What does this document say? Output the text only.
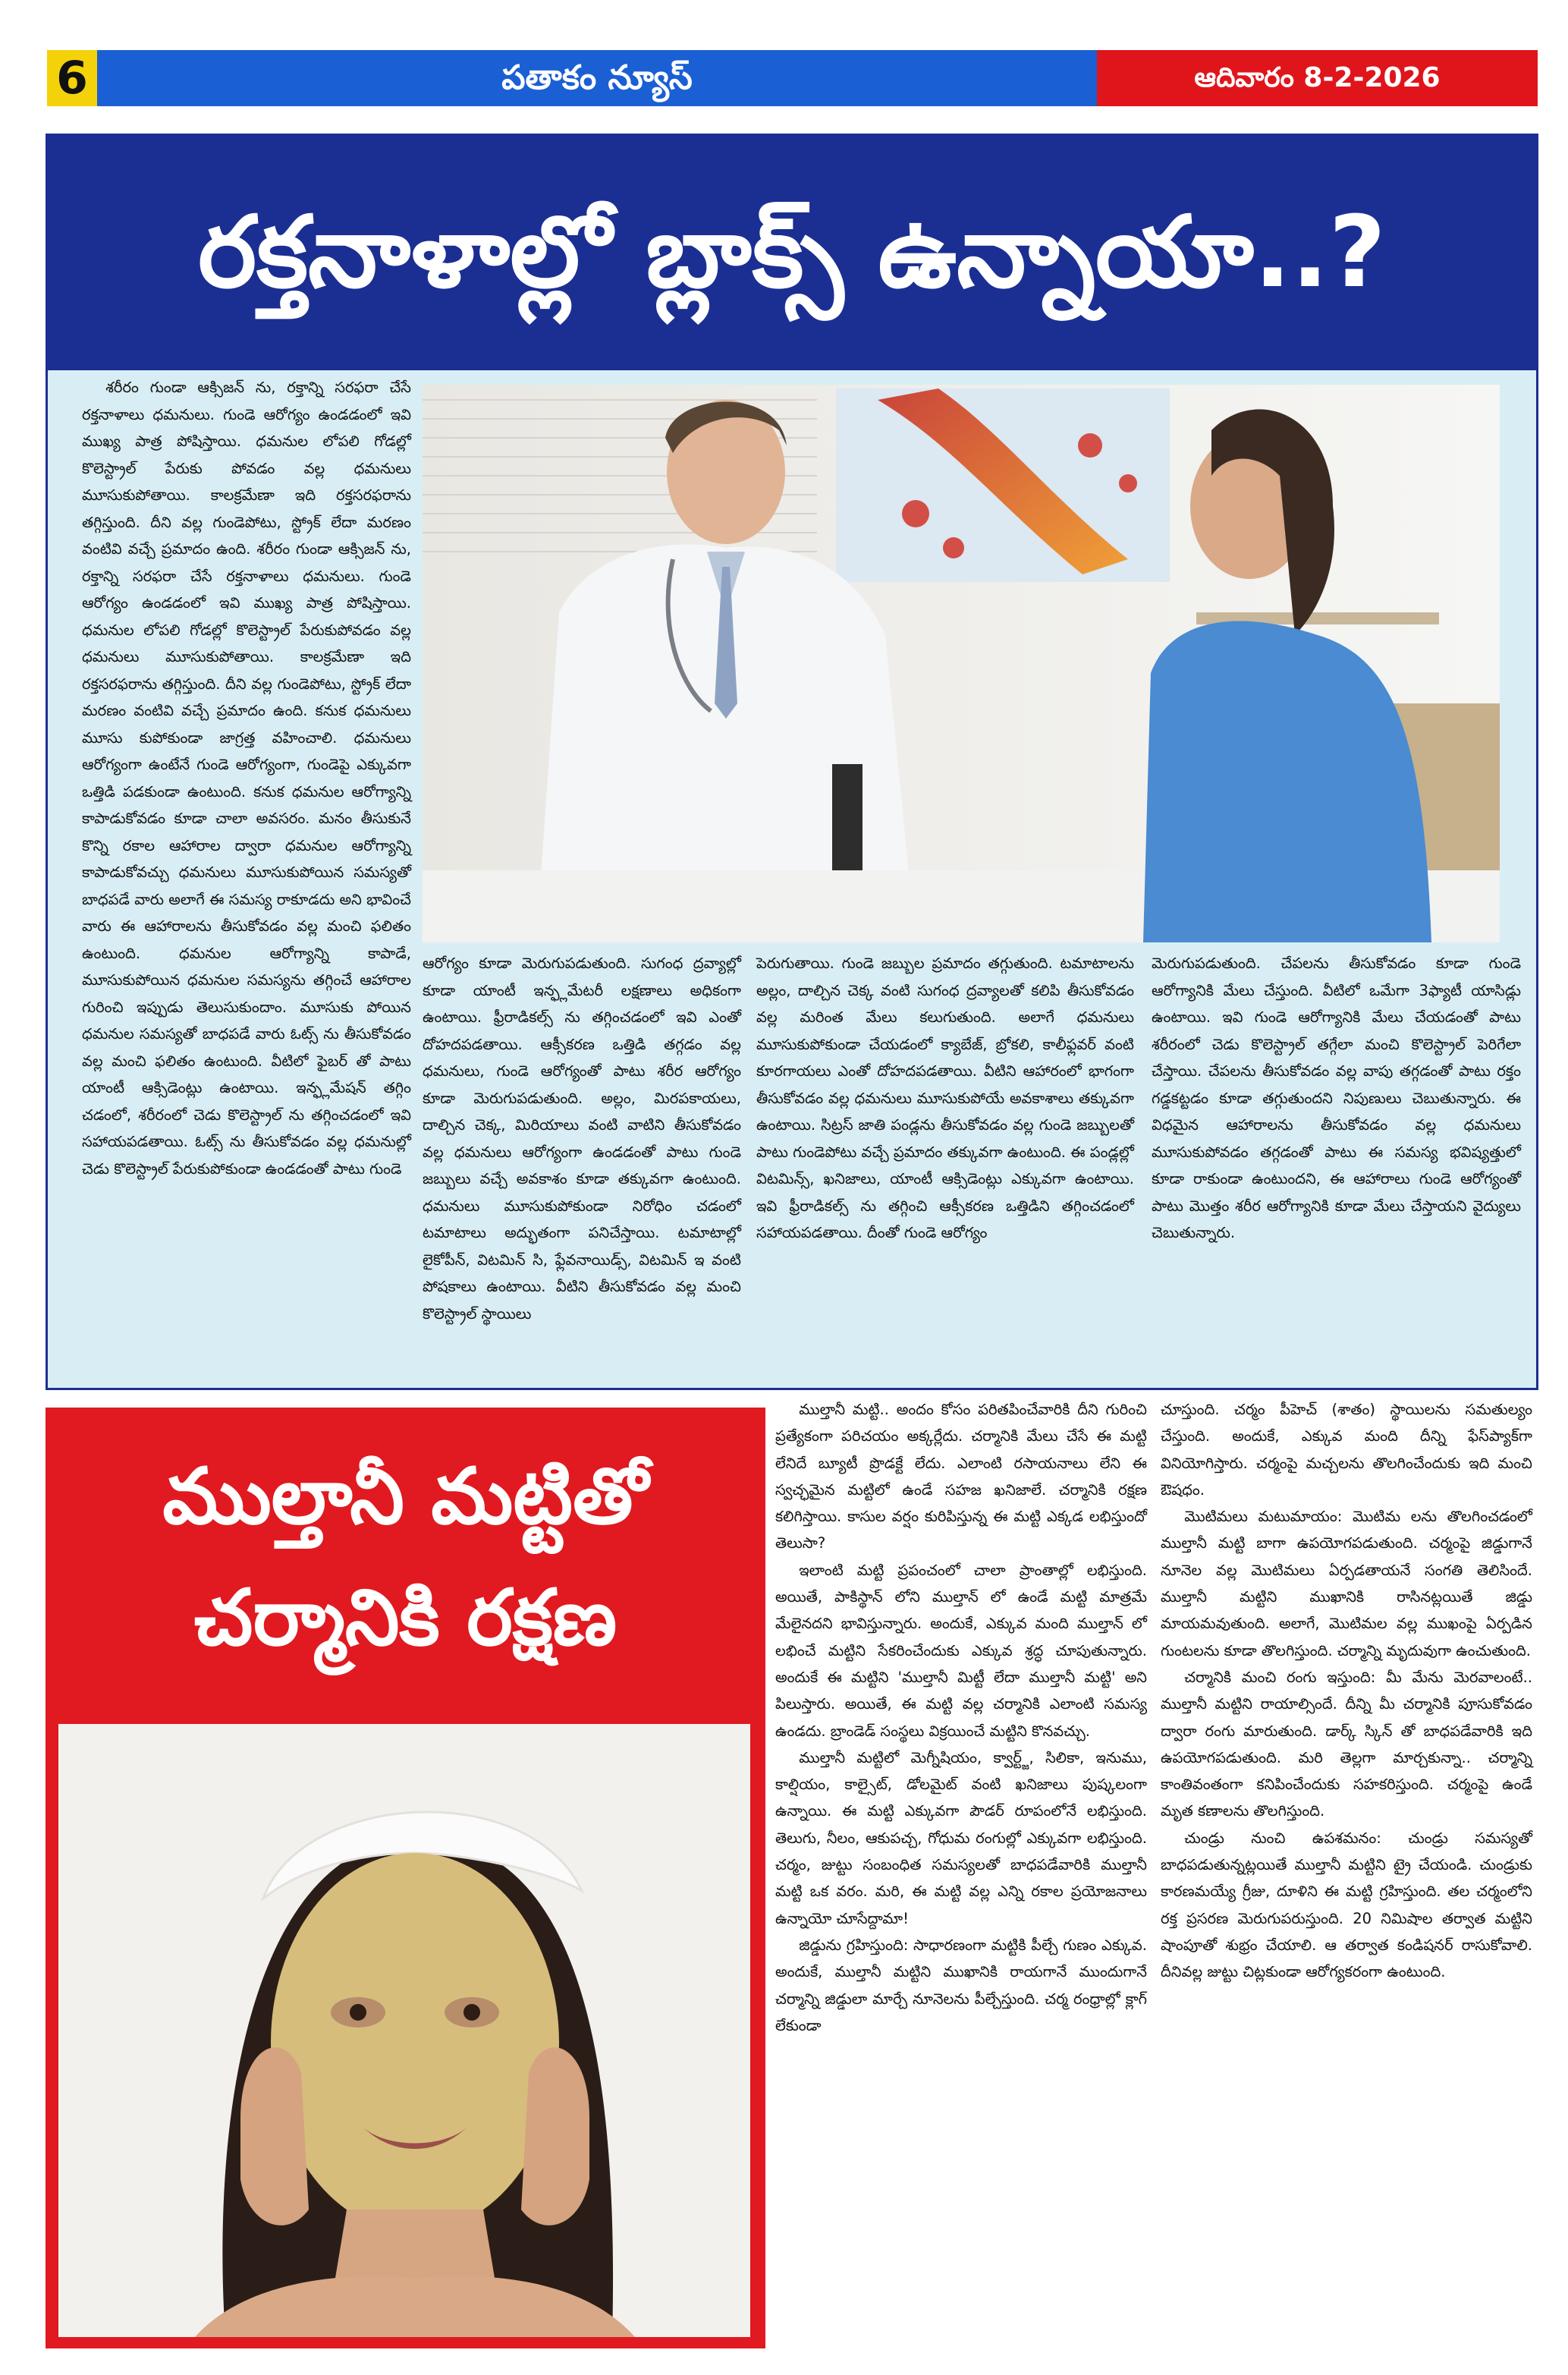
6	పతాకం న్యూస్	ఆదివారం 8-2-2026
రక్తనాళాల్లో బ్లాక్స్ ఉన్నాయా..?

శరీరం గుండా ఆక్సిజన్ ను, రక్తాన్ని సరఫరా చేసే రక్తనాళాలు ధమనులు. గుండె ఆరోగ్యం ఉండడంలో ఇవి ముఖ్య పాత్ర పోషిస్తాయి. ధమనుల లోపలి గోడల్లో కొలెస్ట్రాల్ పేరుకు పోవడం వల్ల ధమనులు మూసుకుపోతాయి. కాలక్రమేణా ఇది రక్తసరఫరాను తగ్గిస్తుంది. దీని వల్ల గుండెపోటు, స్ట్రోక్ లేదా మరణం వంటివి వచ్చే ప్రమాదం ఉంది. శరీరం గుండా ఆక్సిజన్ ను, రక్తాన్ని సరఫరా చేసే రక్తనాళాలు ధమనులు. గుండె ఆరోగ్యం ఉండడంలో ఇవి ముఖ్య పాత్ర పోషిస్తాయి. ధమనుల లోపలి గోడల్లో కొలెస్ట్రాల్ పేరుకుపోవడం వల్ల ధమనులు మూసుకుపోతాయి. కాలక్రమేణా ఇది రక్తసరఫరాను తగ్గిస్తుంది. దీని వల్ల గుండెపోటు, స్ట్రోక్ లేదా మరణం వంటివి వచ్చే ప్రమాదం ఉంది. కనుక ధమనులు మూసు కుపోకుండా జాగ్రత్త వహించాలి. ధమనులు ఆరోగ్యంగా ఉంటేనే గుండె ఆరోగ్యంగా, గుండెపై ఎక్కువగా ఒత్తిడి పడకుండా ఉంటుంది. కనుక ధమనుల ఆరోగ్యాన్ని కాపాడుకోవడం కూడా చాలా అవసరం. మనం తీసుకునే కొన్ని రకాల ఆహారాల ద్వారా ధమనుల ఆరోగ్యాన్ని కాపాడుకోవచ్చు ధమనులు మూసుకుపోయిన సమస్యతో బాధపడే వారు అలాగే ఈ సమస్య రాకూడదు అని భావించే వారు ఈ ఆహారాలను తీసుకోవడం వల్ల మంచి ఫలితం ఉంటుంది. ధమనుల ఆరోగ్యాన్ని కాపాడే, మూసుకుపోయిన ధమనుల సమస్యను తగ్గించే ఆహారాల గురించి ఇప్పుడు తెలుసుకుందాం. మూసుకు పోయిన ధమనుల సమస్యతో బాధపడే వారు ఓట్స్ ను తీసుకోవడం వల్ల మంచి ఫలితం ఉంటుంది. వీటిలో ఫైబర్ తో పాటు యాంటీ ఆక్సిడెంట్లు ఉంటాయి. ఇన్ఫ్లమేషన్ తగ్గిం చడంలో, శరీరంలో చెడు కొలెస్ట్రాల్ ను తగ్గించడంలో ఇవి సహాయపడతాయి. ఓట్స్ ను తీసుకోవడం వల్ల ధమనుల్లో చెడు కొలెస్ట్రాల్ పేరుకుపోకుండా ఉండడంతో పాటు గుండె

ఆరోగ్యం కూడా మెరుగుపడుతుంది. సుగంధ ద్రవ్యాల్లో కూడా యాంటీ ఇన్ఫ్లమేటరీ లక్షణాలు అధికంగా ఉంటాయి. ఫ్రీరాడికల్స్ ను తగ్గించడంలో ఇవి ఎంతో దోహదపడతాయి. ఆక్సీకరణ ఒత్తిడి తగ్గడం వల్ల ధమనులు, గుండె ఆరోగ్యంతో పాటు శరీర ఆరోగ్యం కూడా మెరుగుపడుతుంది. అల్లం, మిరపకాయలు, దాల్చిన చెక్క, మిరియాలు వంటి వాటిని తీసుకోవడం వల్ల ధమనులు ఆరోగ్యంగా ఉండడంతో పాటు గుండె జబ్బులు వచ్చే అవకాశం కూడా తక్కువగా ఉంటుంది. ధమనులు మూసుకుపోకుండా నిరోధిం చడంలో టమాటాలు అద్భుతంగా పనిచేస్తాయి. టమాటాల్లో లైకోపీన్, విటమిన్ సి, ఫ్లేవనాయిడ్స్, విటమిన్ ఇ వంటి పోషకాలు ఉంటాయి. వీటిని తీసుకోవడం వల్ల మంచి కొలెస్ట్రాల్ స్థాయిలు

పెరుగుతాయి. గుండె జబ్బుల ప్రమాదం తగ్గుతుంది. టమాటాలను అల్లం, దాల్చిన చెక్క వంటి సుగంధ ద్రవ్యాలతో కలిపి తీసుకోవడం వల్ల మరింత మేలు కలుగుతుంది. అలాగే ధమనులు మూసుకుపోకుండా చేయడంలో క్యాబేజ్, బ్రోకలి, కాలీఫ్లవర్ వంటి కూరగాయలు ఎంతో దోహదపడతాయి. వీటిని ఆహారంలో భాగంగా తీసుకోవడం వల్ల ధమనులు మూసుకుపోయే అవకాశాలు తక్కువగా ఉంటాయి. సిట్రస్ జాతి పండ్లను తీసుకోవడం వల్ల గుండె జబ్బులతో పాటు గుండెపోటు వచ్చే ప్రమాదం తక్కువగా ఉంటుంది. ఈ పండ్లల్లో విటమిన్స్, ఖనిజాలు, యాంటీ ఆక్సిడెంట్లు ఎక్కువగా ఉంటాయి. ఇవి ఫ్రీరాడికల్స్ ను తగ్గించి ఆక్సీకరణ ఒత్తిడిని తగ్గించడంలో సహాయపడతాయి. దీంతో గుండె ఆరోగ్యం

మెరుగుపడుతుంది. చేపలను తీసుకోవడం కూడా గుండె ఆరోగ్యానికి మేలు చేస్తుంది. వీటిలో ఒమేగా 3ఫ్యాటీ యాసిడ్లు ఉంటాయి. ఇవి గుండె ఆరోగ్యానికి మేలు చేయడంతో పాటు శరీరంలో చెడు కొలెస్ట్రాల్ తగ్గేలా మంచి కొలెస్ట్రాల్ పెరిగేలా చేస్తాయి. చేపలను తీసుకోవడం వల్ల వాపు తగ్గడంతో పాటు రక్తం గడ్డకట్టడం కూడా తగ్గుతుందని నిపుణులు చెబుతున్నారు. ఈ విధమైన ఆహారాలను తీసుకోవడం వల్ల ధమనులు మూసుకుపోవడం తగ్గడంతో పాటు ఈ సమస్య భవిష్యత్తులో కూడా రాకుండా ఉంటుందని, ఈ ఆహారాలు గుండె ఆరోగ్యంతో పాటు మొత్తం శరీర ఆరోగ్యానికి కూడా మేలు చేస్తాయని వైద్యులు చెబుతున్నారు.

ముల్తానీ మట్టితో
చర్మానికి రక్షణ

ముల్తానీ మట్టి.. అందం కోసం పరితపించేవారికి దీని గురించి ప్రత్యేకంగా పరిచయం అక్కర్లేదు. చర్మానికి మేలు చేసే ఈ మట్టి లేనిదే బ్యూటీ ప్రొడక్టే లేదు. ఎలాంటి రసాయనాలు లేని ఈ స్వచ్ఛమైన మట్టిలో ఉండే సహజ ఖనిజాలే. చర్మానికి రక్షణ కలిగిస్తాయి. కాసుల వర్షం కురిపిస్తున్న ఈ మట్టి ఎక్కడ లభిస్తుందో తెలుసా?

ఇలాంటి మట్టి ప్రపంచంలో చాలా ప్రాంతాల్లో లభిస్తుంది. అయితే, పాకిస్థాన్ లోని ముల్తాన్ లో ఉండే మట్టి మాత్రమే మేలైనదని భావిస్తున్నారు. అందుకే, ఎక్కువ మంది ముల్తాన్ లో లభించే మట్టిని సేకరించేందుకు ఎక్కువ శ్రద్ధ చూపుతున్నారు. అందుకే ఈ మట్టిని 'ముల్తానీ మిట్టీ లేదా ముల్తానీ మట్టి' అని పిలుస్తారు. అయితే, ఈ మట్టి వల్ల చర్మానికి ఎలాంటి సమస్య ఉండదు. బ్రాండెడ్ సంస్థలు విక్రయించే మట్టిని కొనవచ్చు.

ముల్తానీ మట్టిలో మెగ్నీషియం, క్వార్ట్జ్, సిలికా, ఇనుము, కాల్షియం, కాల్సైట్, డోలమైట్ వంటి ఖనిజాలు పుష్కలంగా ఉన్నాయి. ఈ మట్టి ఎక్కువగా పౌడర్ రూపంలోనే లభిస్తుంది. తెలుగు, నీలం, ఆకుపచ్చ, గోధుమ రంగుల్లో ఎక్కువగా లభిస్తుంది. చర్మం, జుట్టు సంబంధిత సమస్యలతో బాధపడేవారికి ముల్తానీ మట్టి ఒక వరం. మరి, ఈ మట్టి వల్ల ఎన్ని రకాల ప్రయోజనాలు ఉన్నాయో చూసేద్దామా!

జిడ్డును గ్రహిస్తుంది: సాధారణంగా మట్టికి పీల్చే గుణం ఎక్కువ. అందుకే, ముల్తానీ మట్టిని ముఖానికి రాయగానే ముందుగానే చర్మాన్ని జిడ్డులా మార్చే నూనెలను పీల్చేస్తుంది. చర్మ రంధ్రాల్లో క్లాగ్ లేకుండా

చూస్తుంది. చర్మం పీహెచ్ (శాతం) స్థాయిలను సమతుల్యం చేస్తుంది. అందుకే, ఎక్కువ మంది దీన్ని ఫేస్‌ప్యాక్‌గా వినియోగిస్తారు. చర్మంపై మచ్చలను తొలగించేందుకు ఇది మంచి ఔషధం.

మొటిమలు మటుమాయం: మొటిమ లను తొలగించడంలో ముల్తానీ మట్టి బాగా ఉపయోగపడుతుంది. చర్మంపై జిడ్డుగానే నూనెల వల్ల మొటిమలు ఏర్పడతాయనే సంగతి తెలిసిందే. ముల్తానీ మట్టిని ముఖానికి రాసినట్లయితే జిడ్డు మాయమవుతుంది. అలాగే, మొటిమల వల్ల ముఖంపై ఏర్పడిన గుంటలను కూడా తొలగిస్తుంది. చర్మాన్ని మృదువుగా ఉంచుతుంది.

చర్మానికి మంచి రంగు ఇస్తుంది: మీ మేను మెరవాలంటే.. ముల్తానీ మట్టిని రాయాల్సిందే. దీన్ని మీ చర్మానికి పూసుకోవడం ద్వారా రంగు మారుతుంది. డార్క్ స్కిన్ తో బాధపడేవారికి ఇది ఉపయోగపడుతుంది. మరి తెల్లగా మార్చకున్నా.. చర్మాన్ని కాంతివంతంగా కనిపించేందుకు సహకరిస్తుంది. చర్మంపై ఉండే మృత కణాలను తొలగిస్తుంది.

చుండ్రు నుంచి ఉపశమనం: చుండ్రు సమస్యతో బాధపడుతున్నట్లయితే ముల్తానీ మట్టిని ట్రై చేయండి. చుండ్రుకు కారణమయ్యే గ్రీజు, దూళిని ఈ మట్టి గ్రహిస్తుంది. తల చర్మంలోని రక్త ప్రసరణ మెరుగుపరుస్తుంది. 20 నిమిషాల తర్వాత మట్టిని షాంపూతో శుభ్రం చేయాలి. ఆ తర్వాత కండిషనర్ రాసుకోవాలి. దీనివల్ల జుట్టు చిట్లకుండా ఆరోగ్యకరంగా ఉంటుంది.
